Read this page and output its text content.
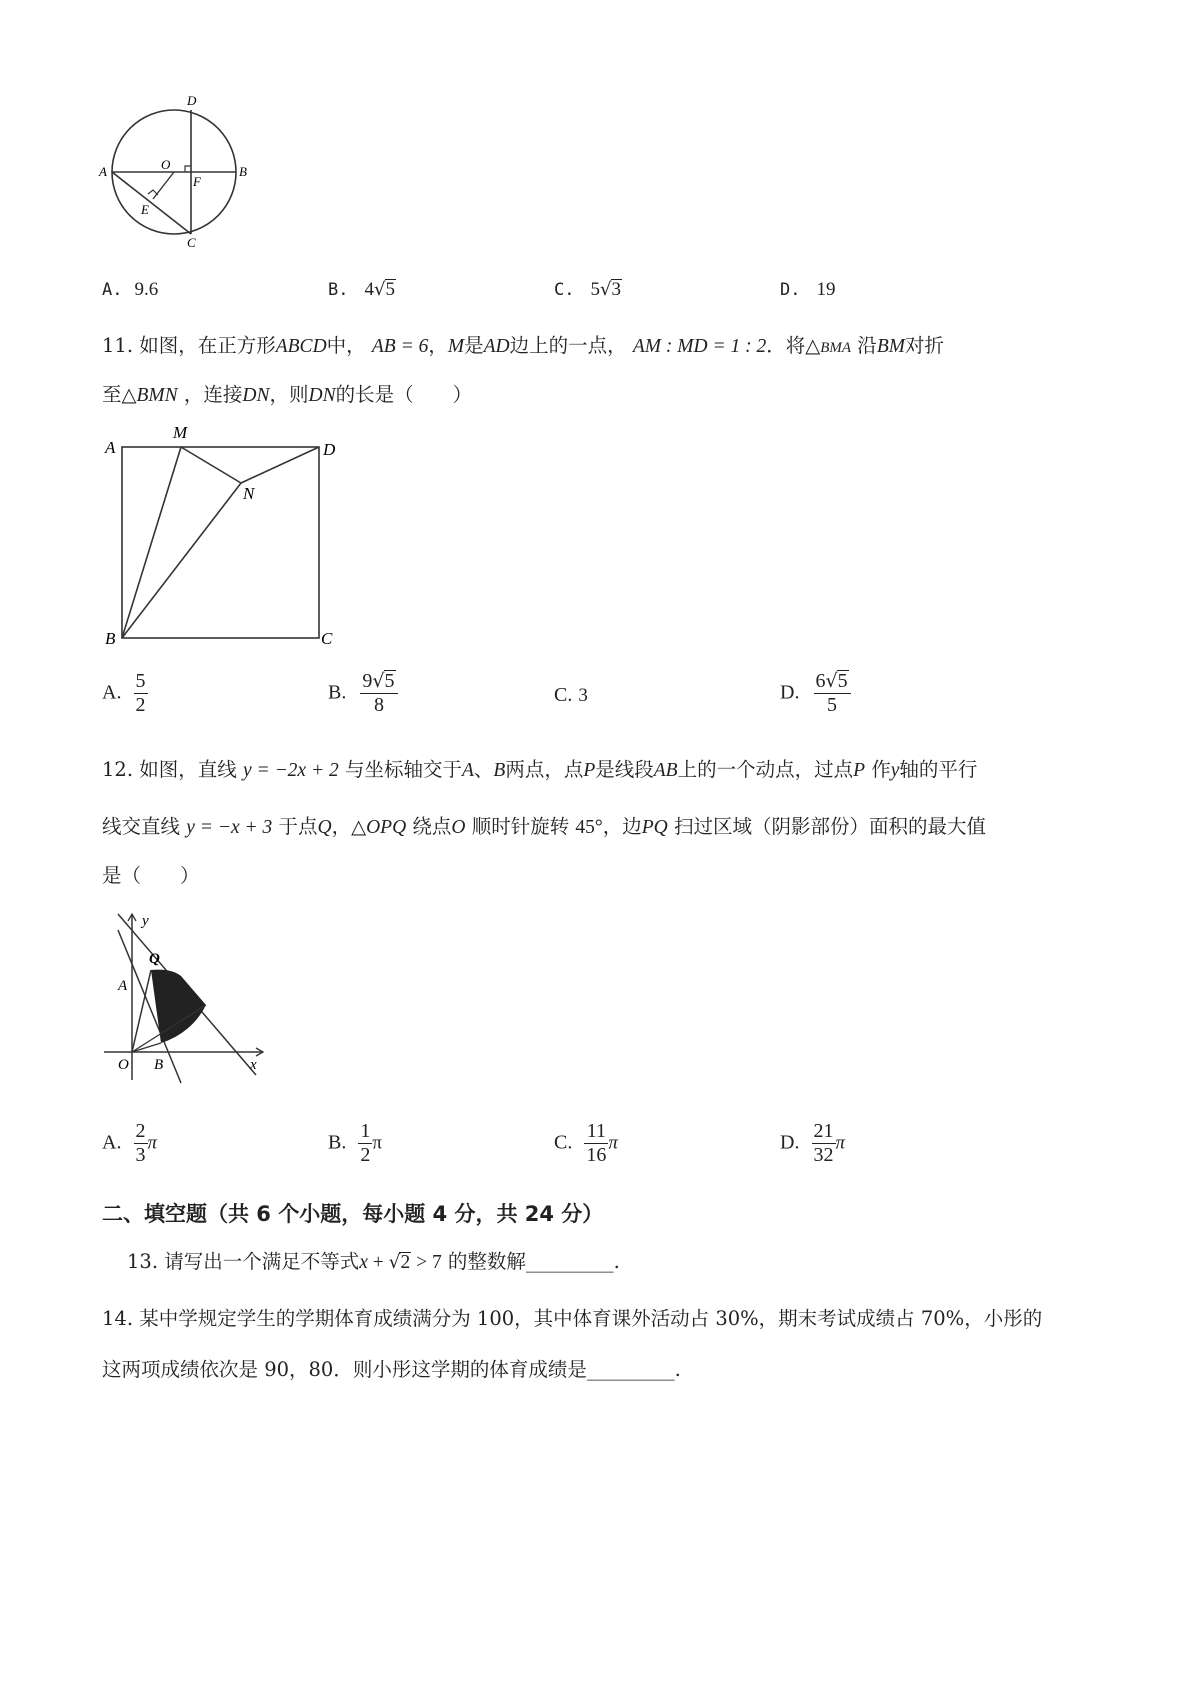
D
O
A
F
B
E
C
A. 9.6	B. 4√5	C. 5√3	D. 19
11. 如图，在正方形ABCD中， AB = 6，M是AD边上的一点， AM : MD = 1 : 2．将△BMA 沿BM对折
至△BMN ，连接DN，则DN的长是（　　）
A
M
D
N
B	C
A. $\frac{5}{2}$	B. $\frac{9√5}{8}$	C. 3	D. $\frac{6√5}{5}$
12. 如图，直线 y = −2x + 2 与坐标轴交于A、B两点，点P是线段AB上的一个动点，过点P 作y轴的平行
线交直线 y = −x + 3 于点Q，△OPQ 绕点O 顺时针旋转 45°，边PQ 扫过区域（阴影部份）面积的最大值
是（　　）
y
Q
A
O B	x
A. $\frac{2}{3}$ π	B. $\frac{1}{2}$ π	C. $\frac{11}{16}$ π	D. $\frac{21}{32}$ π
二、填空题（共 6 个小题，每小题 4 分，共 24 分）
13. 请写出一个满足不等式x + √2 > 7 的整数解_________.
14. 某中学规定学生的学期体育成绩满分为 100，其中体育课外活动占 30%，期末考试成绩占 70%，小彤的
这两项成绩依次是 90，80．则小彤这学期的体育成绩是_________.
